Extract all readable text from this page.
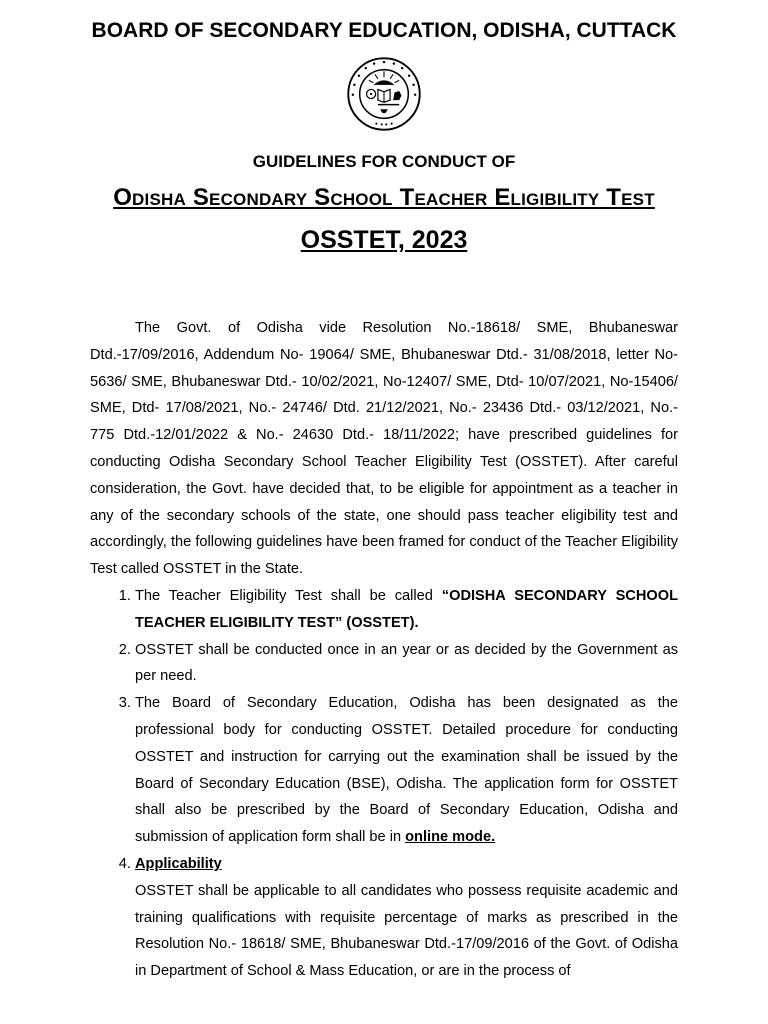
BOARD OF SECONDARY EDUCATION, ODISHA, CUTTACK
GUIDELINES FOR CONDUCT OF
Odisha Secondary School Teacher Eligibility Test
OSSTET, 2023

The Govt. of Odisha vide Resolution No.-18618/ SME, Bhubaneswar Dtd.-17/09/2016, Addendum No- 19064/ SME, Bhubaneswar Dtd.- 31/08/2018, letter No-5636/ SME, Bhubaneswar Dtd.- 10/02/2021, No-12407/ SME, Dtd- 10/07/2021, No-15406/ SME, Dtd- 17/08/2021, No.- 24746/ Dtd. 21/12/2021, No.- 23436 Dtd.- 03/12/2021, No.- 775 Dtd.-12/01/2022 & No.- 24630 Dtd.- 18/11/2022; have prescribed guidelines for conducting Odisha Secondary School Teacher Eligibility Test (OSSTET). After careful consideration, the Govt. have decided that, to be eligible for appointment as a teacher in any of the secondary schools of the state, one should pass teacher eligibility test and accordingly, the following guidelines have been framed for conduct of the Teacher Eligibility Test called OSSTET in the State.

1. The Teacher Eligibility Test shall be called “ODISHA SECONDARY SCHOOL TEACHER ELIGIBILITY TEST” (OSSTET).
2. OSSTET shall be conducted once in an year or as decided by the Government as per need.
3. The Board of Secondary Education, Odisha has been designated as the professional body for conducting OSSTET. Detailed procedure for conducting OSSTET and instruction for carrying out the examination shall be issued by the Board of Secondary Education (BSE), Odisha. The application form for OSSTET shall also be prescribed by the Board of Secondary Education, Odisha and submission of application form shall be in online mode.
4. Applicability
OSSTET shall be applicable to all candidates who possess requisite academic and training qualifications with requisite percentage of marks as prescribed in the Resolution No.- 18618/ SME, Bhubaneswar Dtd.-17/09/2016 of the Govt. of Odisha in Department of School & Mass Education, or are in the process of
